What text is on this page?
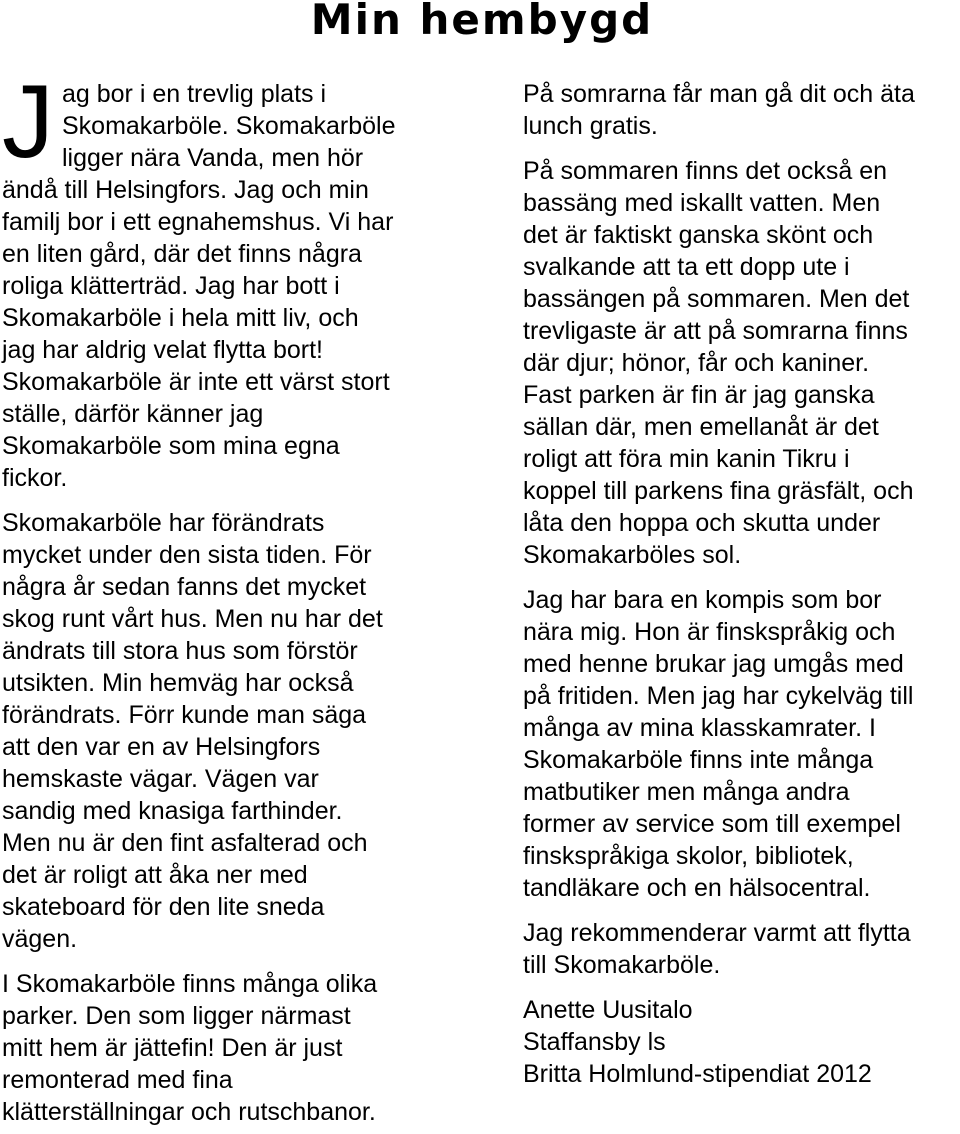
Min hembygd
J ag bor i en trevlig plats i
Skomakarböle. Skomakarböle
ligger nära Vanda, men hör
ändå till Helsingfors. Jag och min
familj bor i ett egnahemshus. Vi har
en liten gård, där det finns några
roliga klätterträd. Jag har bott i
Skomakarböle i hela mitt liv, och
jag har aldrig velat flytta bort!
Skomakarböle är inte ett värst stort
ställe, därför känner jag
Skomakarböle som mina egna
fickor.
Skomakarböle har förändrats
mycket under den sista tiden. För
några år sedan fanns det mycket
skog runt vårt hus. Men nu har det
ändrats till stora hus som förstör
utsikten. Min hemväg har också
förändrats. Förr kunde man säga
att den var en av Helsingfors
hemskaste vägar. Vägen var
sandig med knasiga farthinder.
Men nu är den fint asfalterad och
det är roligt att åka ner med
skateboard för den lite sneda
vägen.
I Skomakarböle finns många olika
parker. Den som ligger närmast
mitt hem är jättefin! Den är just
remonterad med fina
klätterställningar och rutschbanor.
På somrarna får man gå dit och äta
lunch gratis.
På sommaren finns det också en
bassäng med iskallt vatten. Men
det är faktiskt ganska skönt och
svalkande att ta ett dopp ute i
bassängen på sommaren. Men det
trevligaste är att på somrarna finns
där djur; hönor, får och kaniner.
Fast parken är fin är jag ganska
sällan där, men emellanåt är det
roligt att föra min kanin Tikru i
koppel till parkens fina gräsfält, och
låta den hoppa och skutta under
Skomakarböles sol.
Jag har bara en kompis som bor
nära mig. Hon är finskspråkig och
med henne brukar jag umgås med
på fritiden. Men jag har cykelväg till
många av mina klasskamrater. I
Skomakarböle finns inte många
matbutiker men många andra
former av service som till exempel
finskspråkiga skolor, bibliotek,
tandläkare och en hälsocentral.
Jag rekommenderar varmt att flytta
till Skomakarböle.
Anette Uusitalo
Staffansby ls
Britta Holmlund-stipendiat 2012
